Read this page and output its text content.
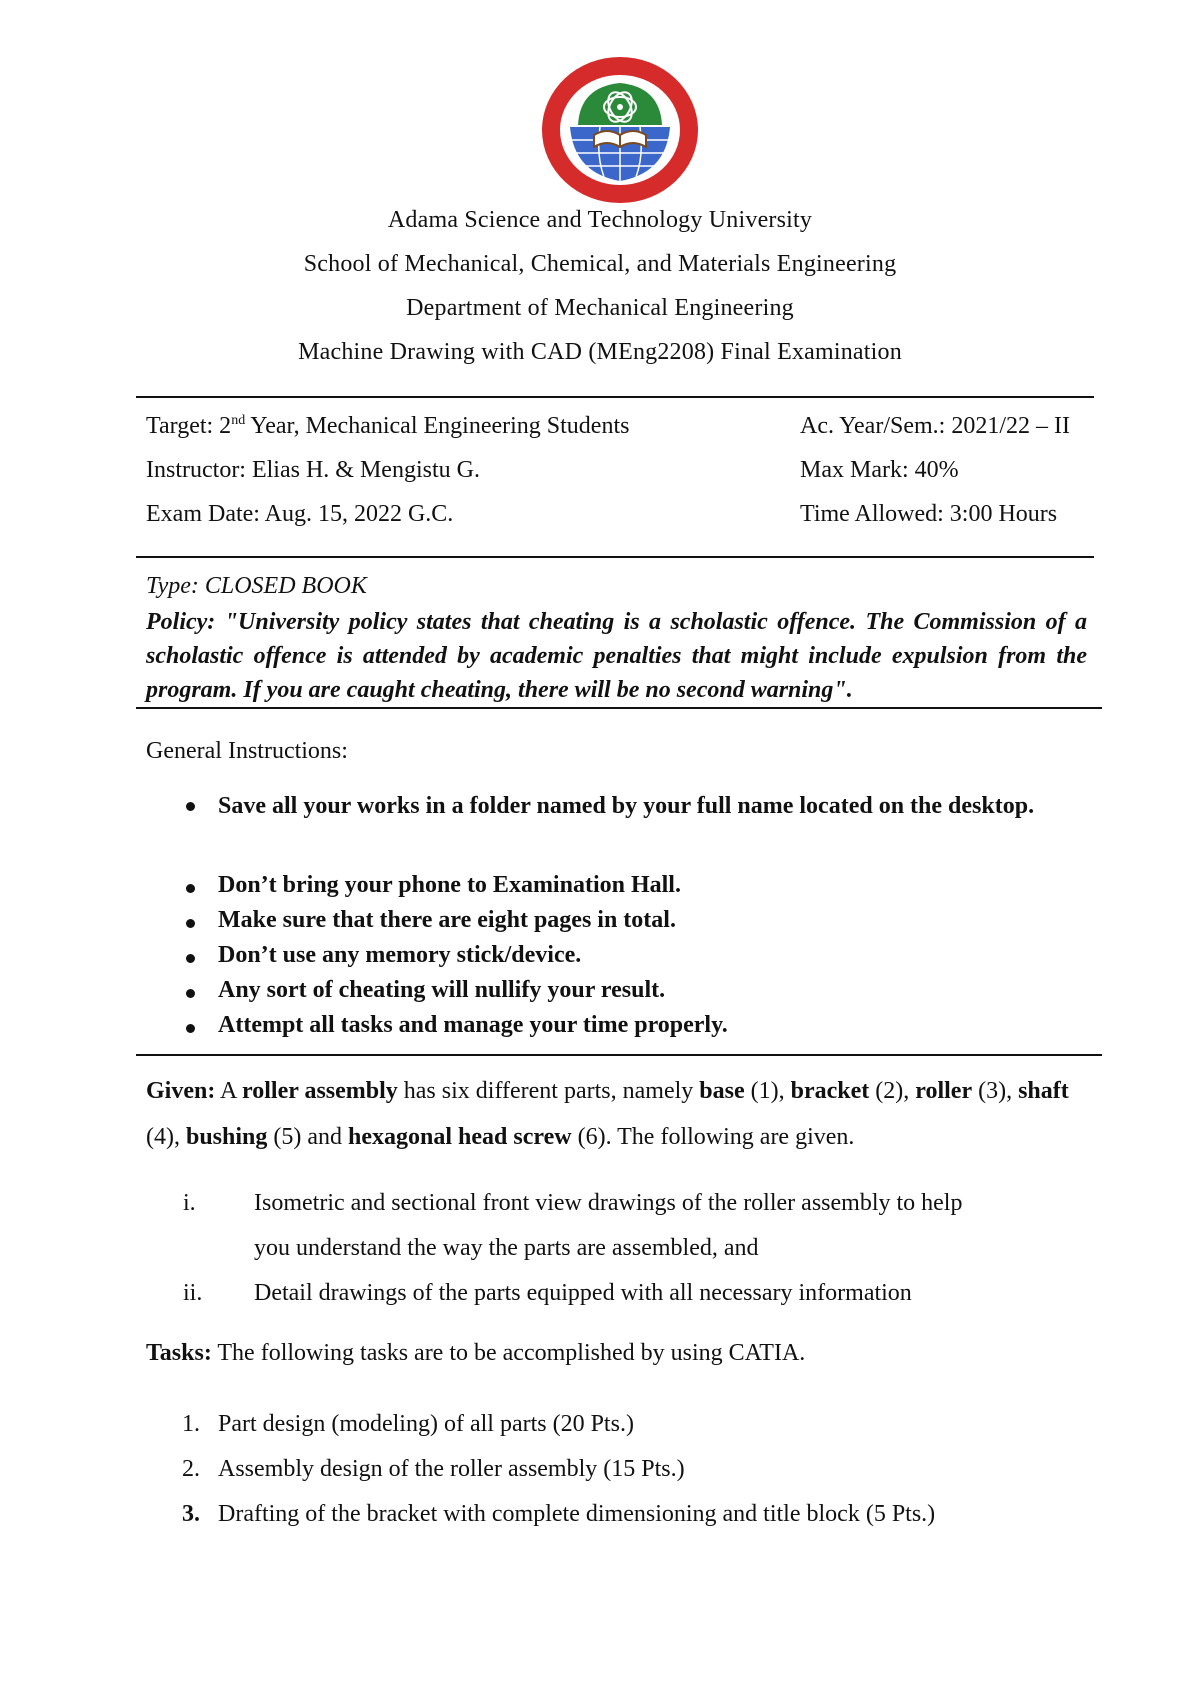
Adama Science and Technology University
School of Mechanical, Chemical, and Materials Engineering
Department of Mechanical Engineering
Machine Drawing with CAD (MEng2208) Final Examination
Target: 2nd Year, Mechanical Engineering Students
Instructor: Elias H. & Mengistu G.
Exam Date: Aug. 15, 2022 G.C.
Ac. Year/Sem.: 2021/22 – II
Max Mark: 40%
Time Allowed: 3:00 Hours
Type: CLOSED BOOK
Policy: "University policy states that cheating is a scholastic offence. The Commission of a scholastic offence is attended by academic penalties that might include expulsion from the program. If you are caught cheating, there will be no second warning".
General Instructions:
Save all your works in a folder named by your full name located on the desktop.
Don’t bring your phone to Examination Hall.
Make sure that there are eight pages in total.
Don’t use any memory stick/device.
Any sort of cheating will nullify your result.
Attempt all tasks and manage your time properly.
Given: A roller assembly has six different parts, namely base (1), bracket (2), roller (3), shaft (4), bushing (5) and hexagonal head screw (6). The following are given.
i. Isometric and sectional front view drawings of the roller assembly to help
you understand the way the parts are assembled, and
ii. Detail drawings of the parts equipped with all necessary information
Tasks: The following tasks are to be accomplished by using CATIA.
1. Part design (modeling) of all parts (20 Pts.)
2. Assembly design of the roller assembly (15 Pts.)
3. Drafting of the bracket with complete dimensioning and title block (5 Pts.)
